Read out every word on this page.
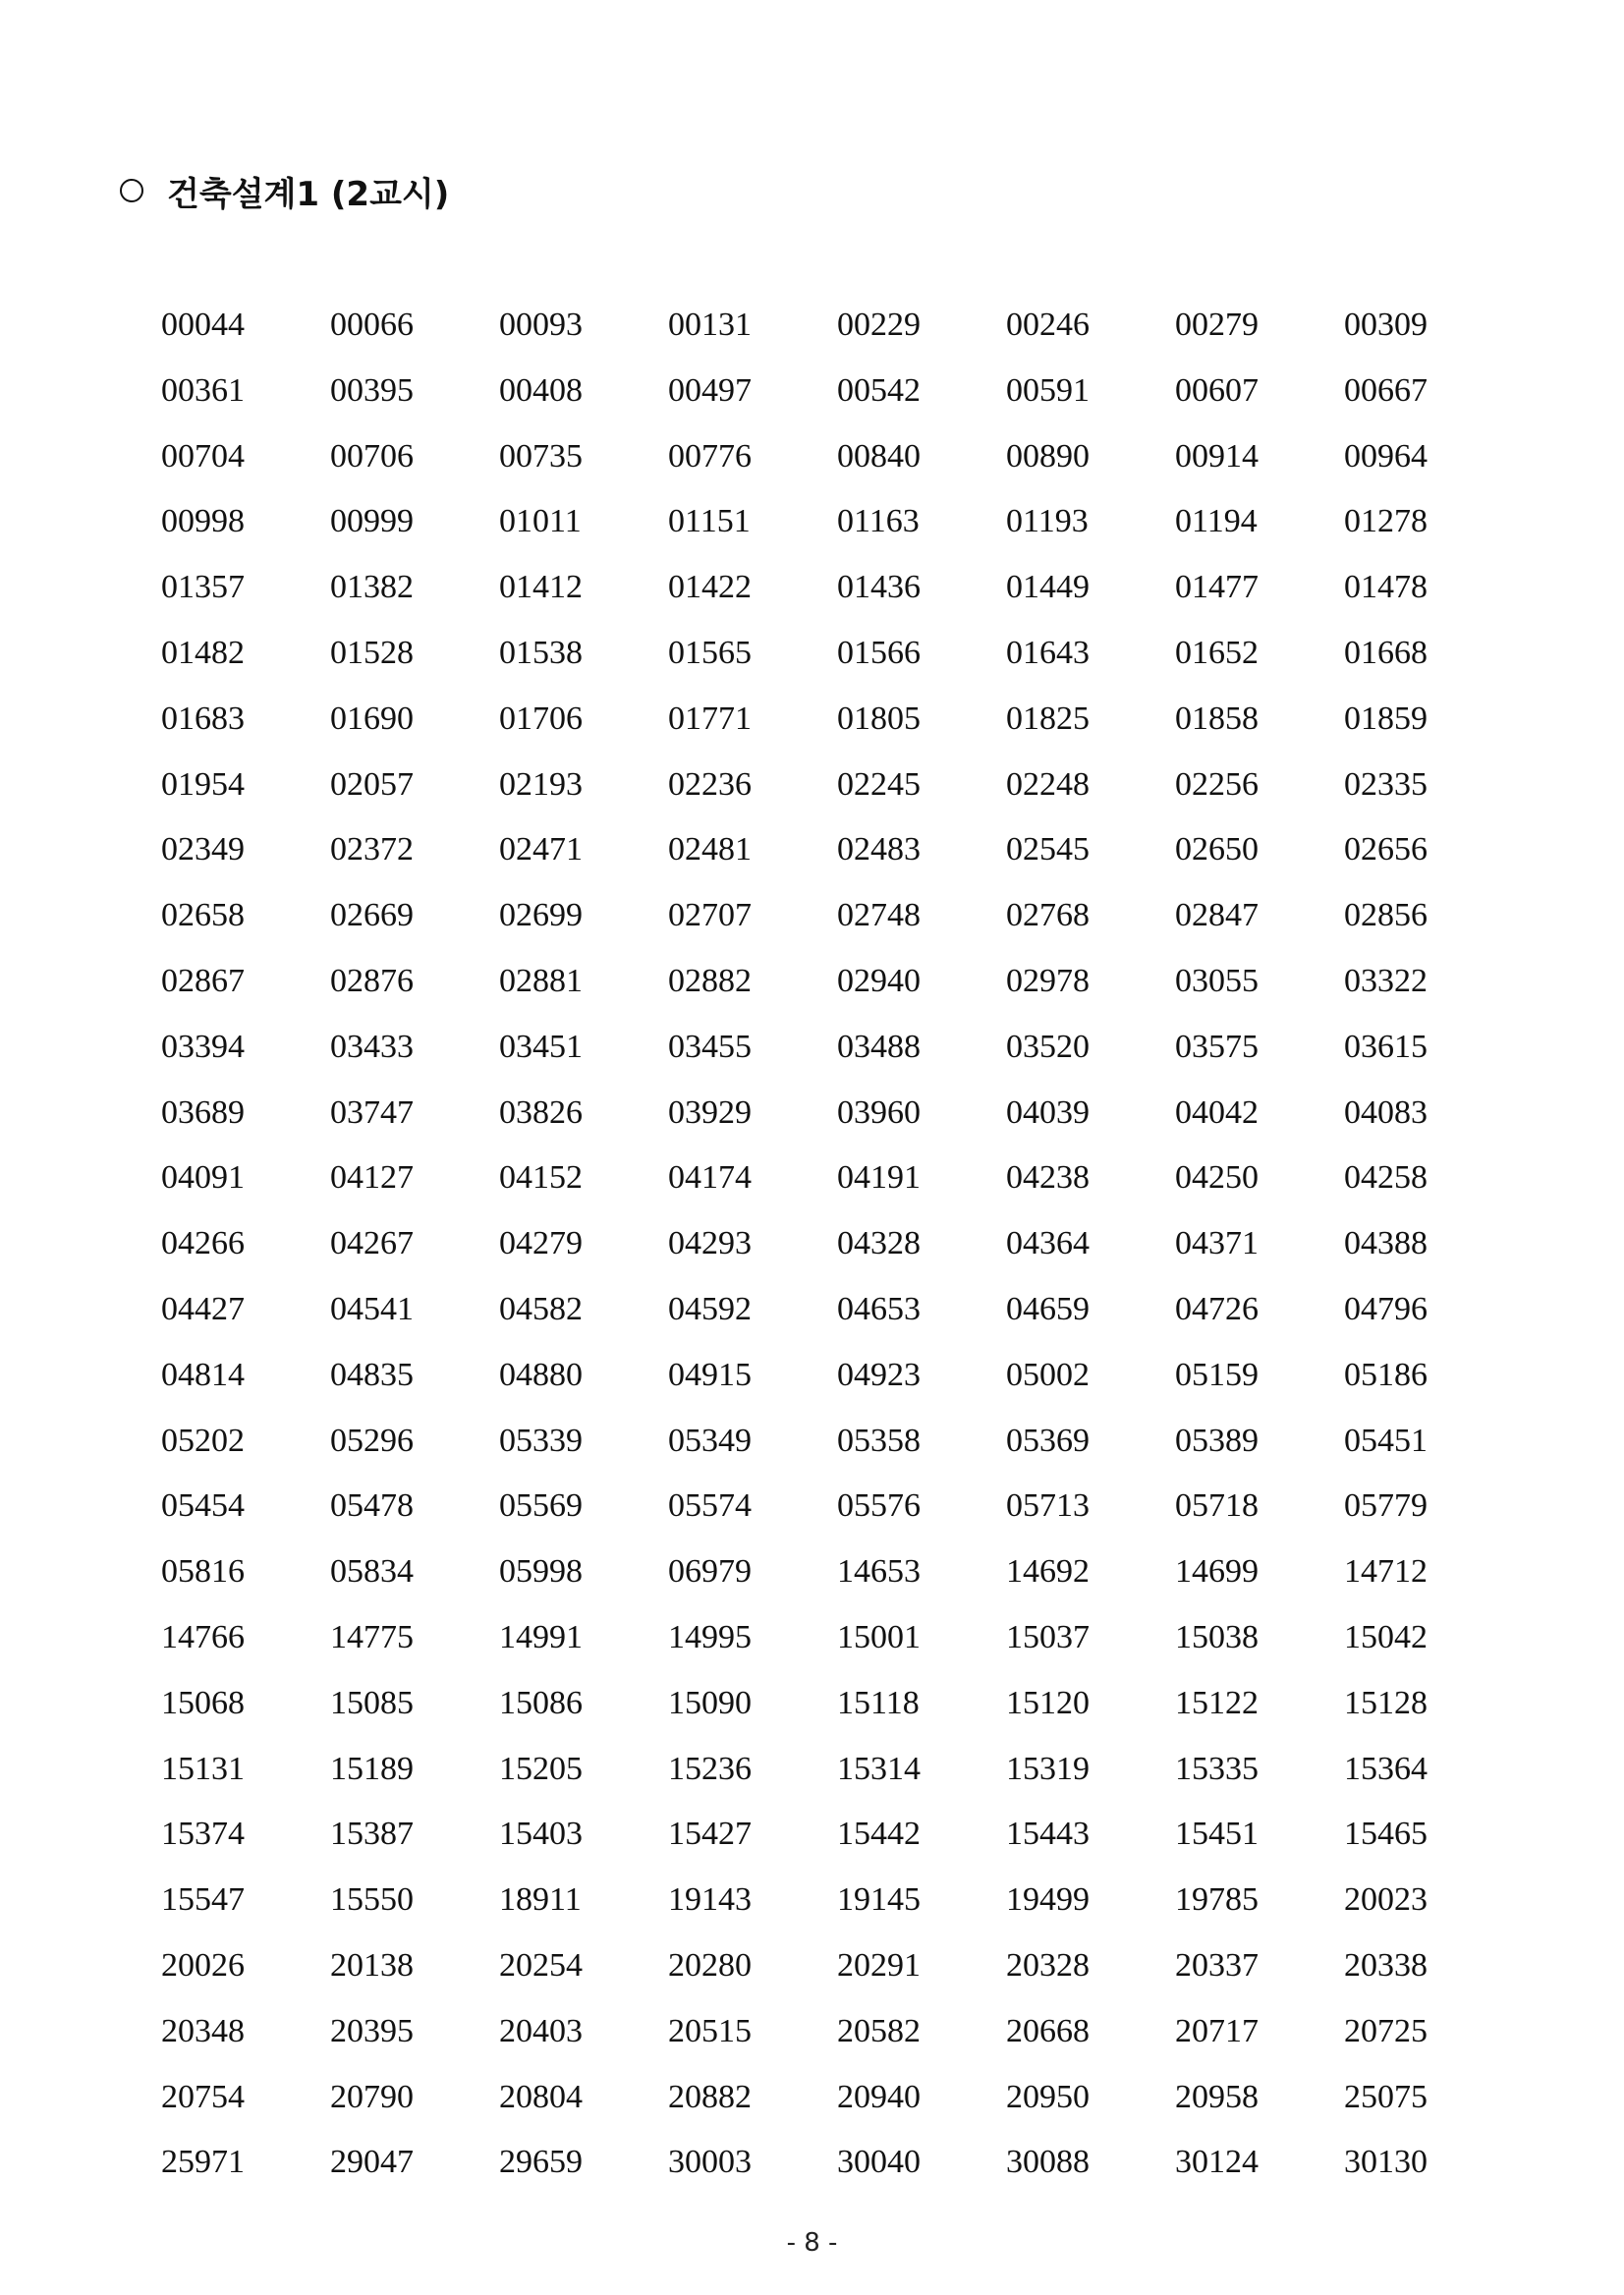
건축설계1 (2교시)
00044	00066	00093	00131	00229	00246	00279	00309
00361	00395	00408	00497	00542	00591	00607	00667
00704	00706	00735	00776	00840	00890	00914	00964
00998	00999	01011	01151	01163	01193	01194	01278
01357	01382	01412	01422	01436	01449	01477	01478
01482	01528	01538	01565	01566	01643	01652	01668
01683	01690	01706	01771	01805	01825	01858	01859
01954	02057	02193	02236	02245	02248	02256	02335
02349	02372	02471	02481	02483	02545	02650	02656
02658	02669	02699	02707	02748	02768	02847	02856
02867	02876	02881	02882	02940	02978	03055	03322
03394	03433	03451	03455	03488	03520	03575	03615
03689	03747	03826	03929	03960	04039	04042	04083
04091	04127	04152	04174	04191	04238	04250	04258
04266	04267	04279	04293	04328	04364	04371	04388
04427	04541	04582	04592	04653	04659	04726	04796
04814	04835	04880	04915	04923	05002	05159	05186
05202	05296	05339	05349	05358	05369	05389	05451
05454	05478	05569	05574	05576	05713	05718	05779
05816	05834	05998	06979	14653	14692	14699	14712
14766	14775	14991	14995	15001	15037	15038	15042
15068	15085	15086	15090	15118	15120	15122	15128
15131	15189	15205	15236	15314	15319	15335	15364
15374	15387	15403	15427	15442	15443	15451	15465
15547	15550	18911	19143	19145	19499	19785	20023
20026	20138	20254	20280	20291	20328	20337	20338
20348	20395	20403	20515	20582	20668	20717	20725
20754	20790	20804	20882	20940	20950	20958	25075
25971	29047	29659	30003	30040	30088	30124	30130
- 8 -
